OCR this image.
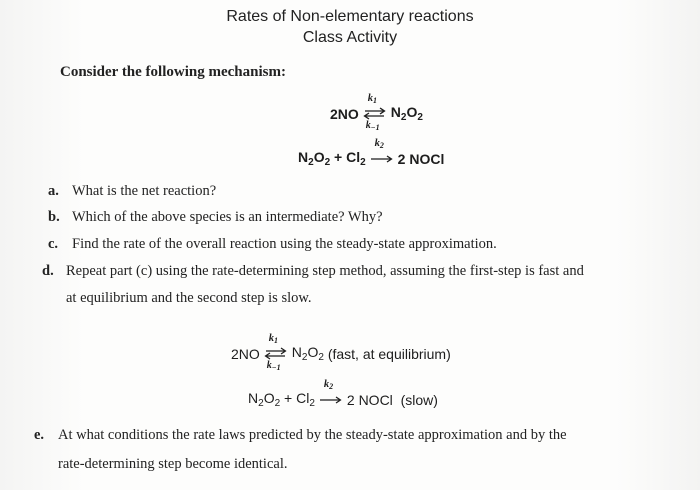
Rates of Non-elementary reactions
Class Activity
Consider the following mechanism:
2NO
k1
$k_{-1}$
$N_2O_2$
$N_2O_2 + Cl_2$
k2
2 NOCl
a. What is the net reaction?
b. Which of the above species is an intermediate? Why?
c. Find the rate of the overall reaction using the steady-state approximation.
d. Repeat part (c) using the rate-determining step method, assuming the first-step is fast and
at equilibrium and the second step is slow.
2NO
k1
$k_{-1}$
$N_2O_2$ (fast, at equilibrium)
$N_2O_2 + Cl_2$
k2
2 NOCl (slow)
e. At what conditions the rate laws predicted by the steady-state approximation and by the
rate-determining step become identical.
